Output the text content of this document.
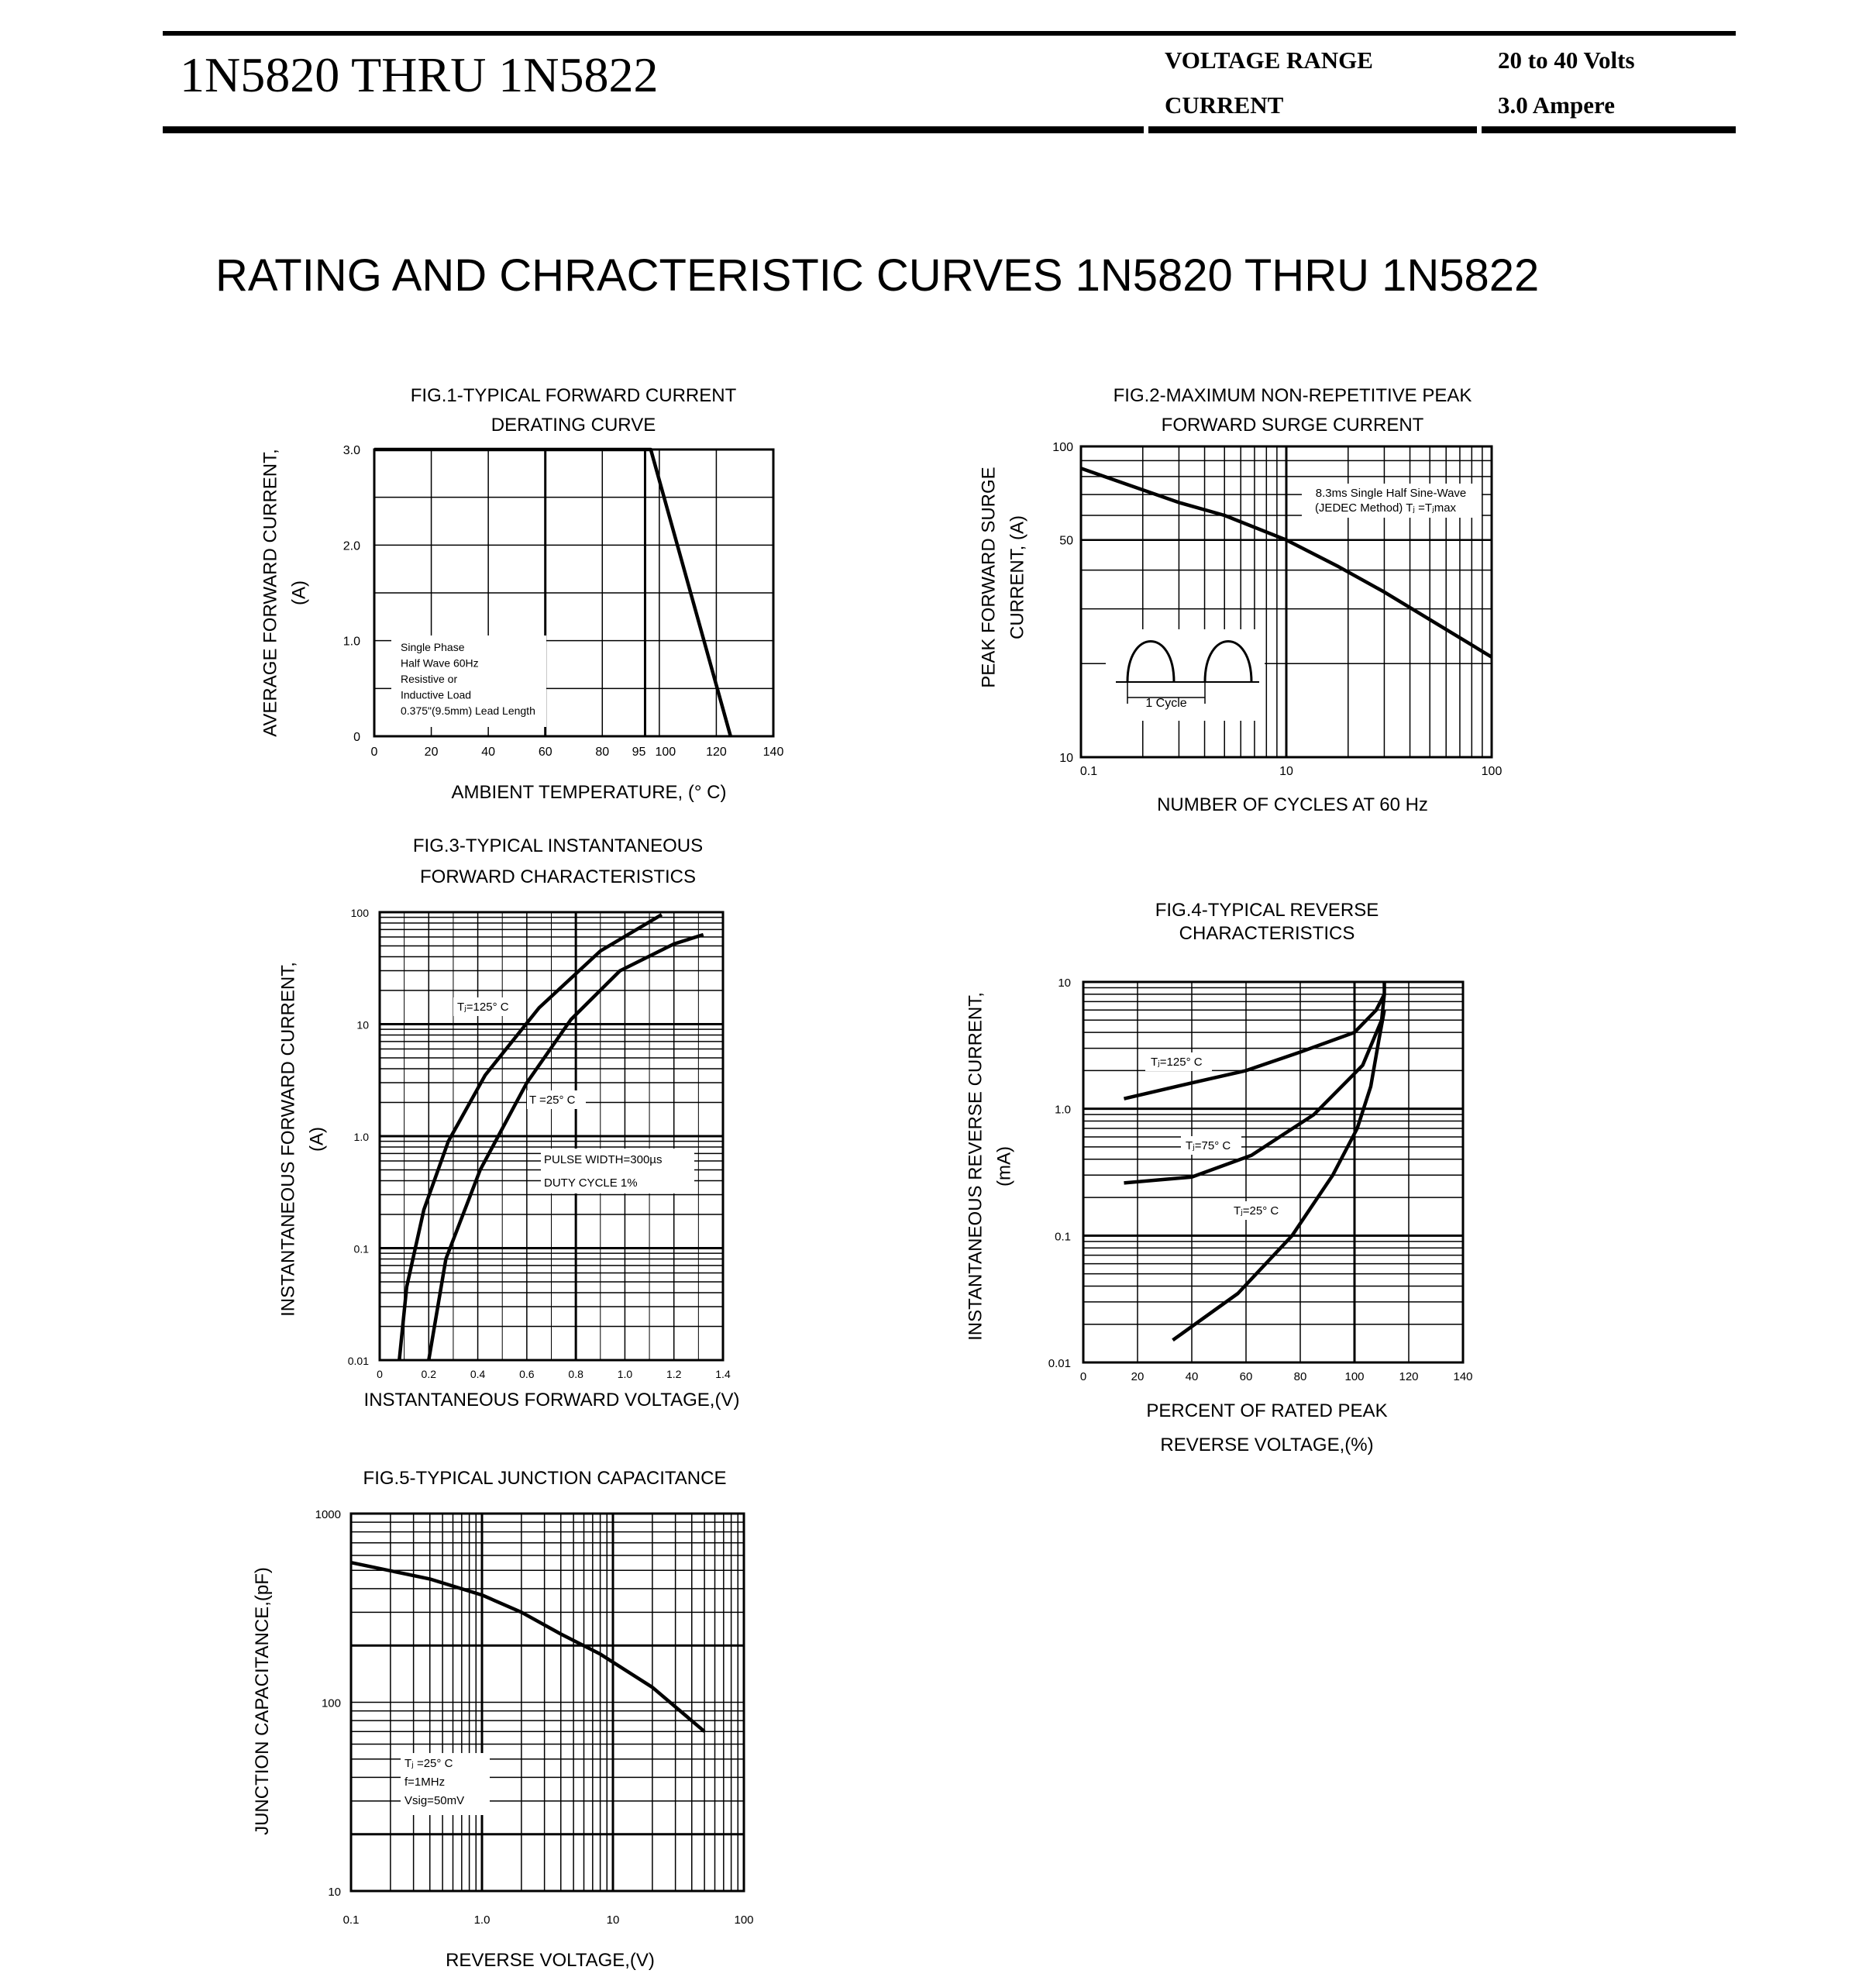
1N5820 THRU 1N5822	VOLTAGE RANGE	20 to 40 Volts
CURRENT	3.0 Ampere
RATING AND CHRACTERISTIC CURVES 1N5820 THRU 1N5822
FIG.1-TYPICAL FORWARD CURRENT
DERATING CURVE
Single Phase
Half Wave 60Hz
Resistive or
Inductive Load
0.375"(9.5mm) Lead Length
0	20	40	60	80 95 100 120	140
0
1.0
2.0
3.0
AMBIENT TEMPERATURE, (° C)
AVERAGE FORWARD CURRENT, (A)
FIG.2-MAXIMUM NON-REPETITIVE PEAK
FORWARD SURGE CURRENT
8.3ms Single Half Sine-Wave
(JEDEC Method) Tⱼ =Tⱼmax
1 Cycle
0.1	10	100
10
50
100
NUMBER OF CYCLES AT 60 Hz
PEAK FORWARD SURGE CURRENT, (A)
FIG.3-TYPICAL INSTANTANEOUS
FORWARD CHARACTERISTICS
PULSE WIDTH=300µs
DUTY CYCLE 1%
Tⱼ=125° C
T =25° C
0	0.2	0.4	0.6	0.8	1.0	1.2	1.4
0.01
0.1
1.0
10
100
INSTANTANEOUS FORWARD VOLTAGE,(V)
INSTANTANEOUS FORWARD CURRENT, (A)
FIG.4-TYPICAL REVERSE
CHARACTERISTICS
Tⱼ=125° C
Tⱼ=75° C
Tⱼ=25° C
0	20	40	60	80	100	120	140
0.01
0.1
1.0
10
PERCENT OF RATED PEAK
REVERSE VOLTAGE,(%)
INSTANTANEOUS REVERSE CURRENT, (mA)
FIG.5-TYPICAL JUNCTION CAPACITANCE
Tⱼ =25° C
f=1MHz
Vsig=50mV
0.1	1.0	10	100
10
100
1000
REVERSE VOLTAGE,(V)
JUNCTION CAPACITANCE,(pF)
